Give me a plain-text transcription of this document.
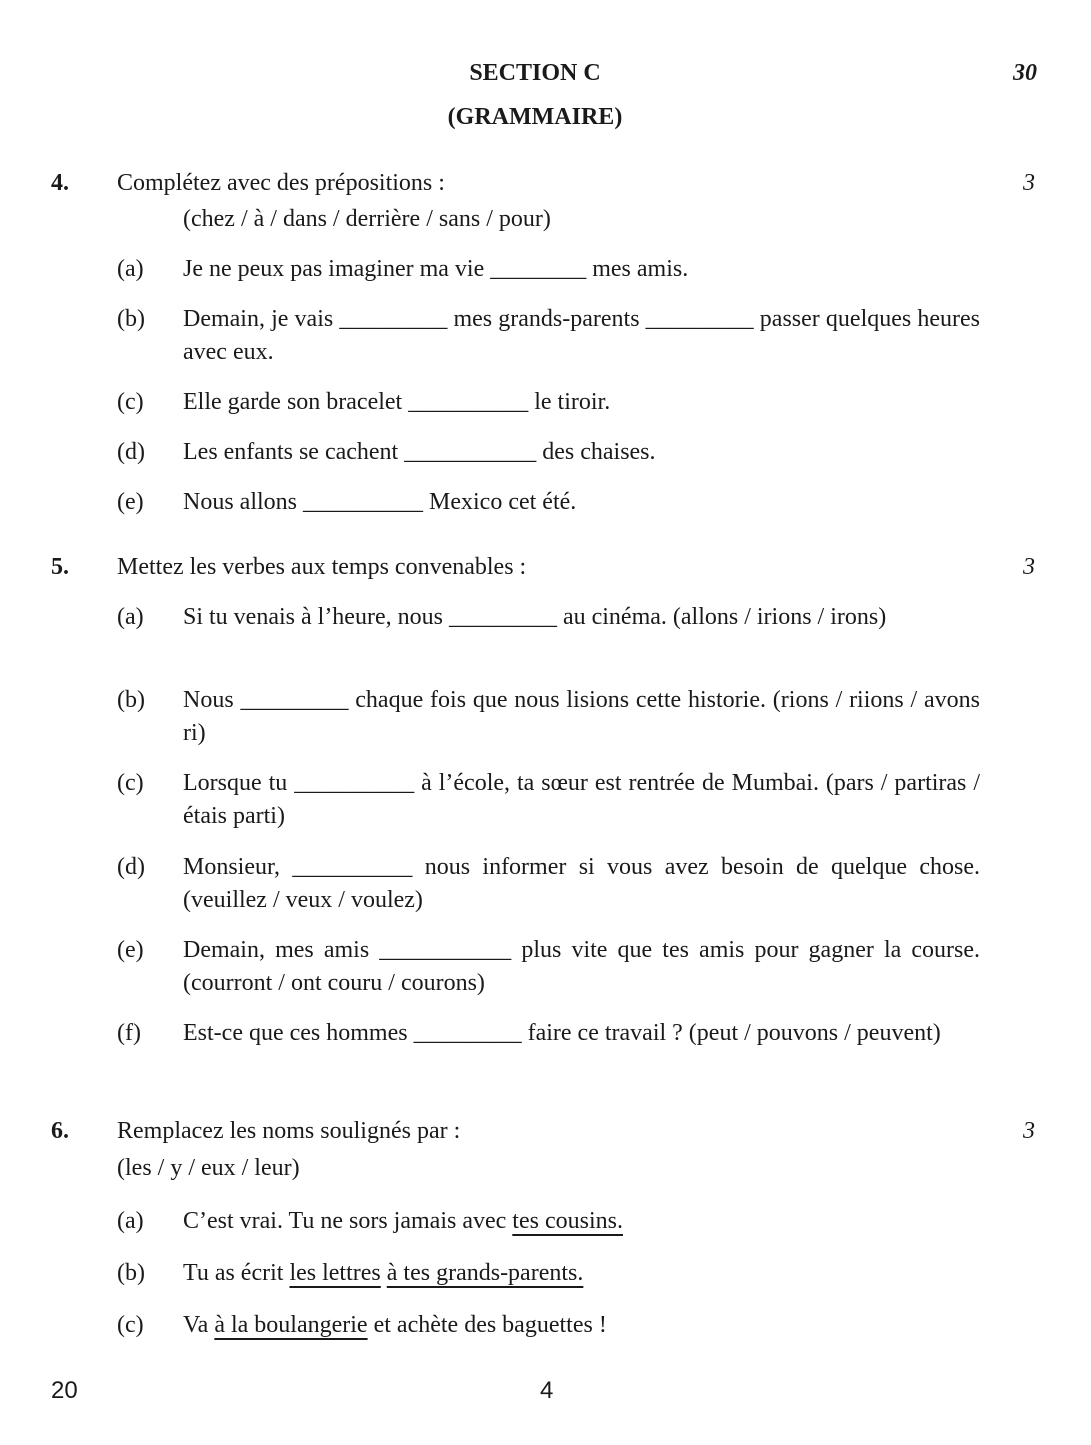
SECTION C
(GRAMMAIRE)
30
4. Complétez avec des prépositions :	3
(chez / à / dans / derrière / sans / pour)
(a) Je ne peux pas imaginer ma vie ________ mes amis.
(b) Demain, je vais _________ mes grands-parents _________ passer quelques heures avec eux.
(c) Elle garde son bracelet __________ le tiroir.
(d) Les enfants se cachent ___________ des chaises.
(e) Nous allons __________ Mexico cet été.
5. Mettez les verbes aux temps convenables :	3
(a) Si tu venais à l’heure, nous _________ au cinéma. (allons / irions / irons)
(b) Nous _________ chaque fois que nous lisions cette historie. (rions / riions / avons ri)
(c) Lorsque tu __________ à l’école, ta sœur est rentrée de Mumbai. (pars / partiras / étais parti)
(d) Monsieur, __________ nous informer si vous avez besoin de quelque chose. (veuillez / veux / voulez)
(e) Demain, mes amis ___________ plus vite que tes amis pour gagner la course. (courront / ont couru / courons)
(f) Est-ce que ces hommes _________ faire ce travail ? (peut / pouvons / peuvent)
6. Remplacez les noms soulignés par :	3
(les / y / eux / leur)
(a) C’est vrai. Tu ne sors jamais avec tes cousins.
(b) Tu as écrit les lettres à tes grands-parents.
(c) Va à la boulangerie et achète des baguettes !
20	4
